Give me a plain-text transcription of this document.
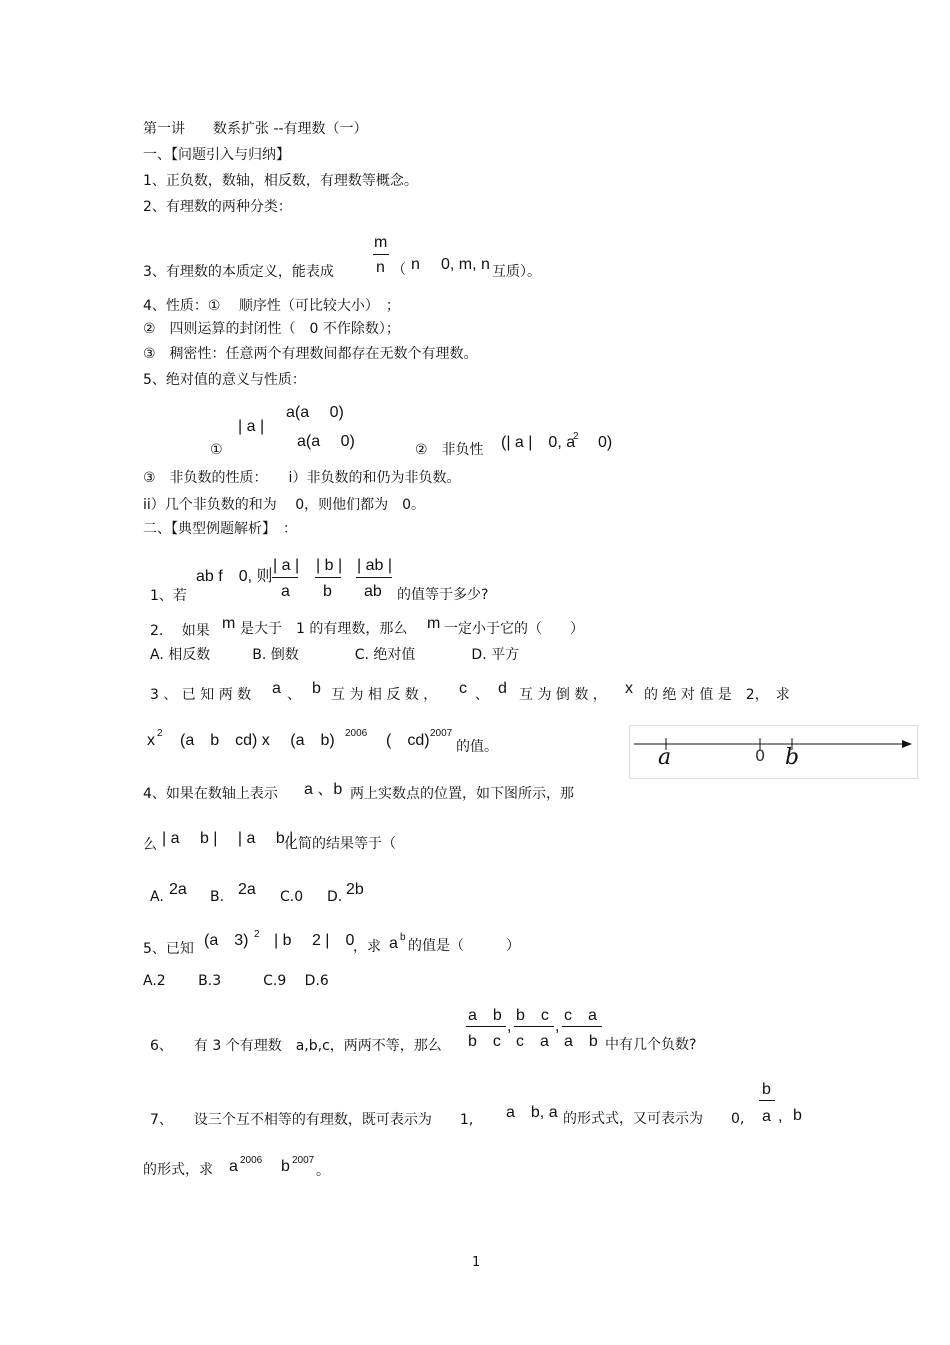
第一讲　　数系扩张 --有理数（一）
一、【问题引入与归纳】
1、正负数，数轴，相反数，有理数等概念。
2、有理数的两种分类：
3、有理数的本质定义，能表成
m
n （ n 0, m, n 互质）。
4、性质：①　 顺序性（可比较大小）　；
②　四则运算的封闭性（　0 不作除数）；
③　稠密性：任意两个有理数间都存在无数个有理数。
5、绝对值的意义与性质：
| a |
a(a　 0)
a(a　 0)
①	②　非负性 (| a |　0, a
2 0)
③　非负数的性质：　　i）非负数的和仍为非负数。
ii）几个非负数的和为　 0，则他们都为　0。
二、【典型例题解析】　：
1、若
ab f　0, 则
| a |
a
| b |
b
| ab |
ab 的值等于多少?
2.　 如果 m 是大于　1 的有理数，那么 m 一定小于它的（　　）
A. 相反数　　　B. 倒数　　　　C. 绝对值　　　　D. 平方
3 、 已 知 两 数 a 、 b 互 为 相 反 数 ， c 、 d 互 为 倒 数 ， x 的 绝 对 值 是　2，　求
x 2 (a　b　cd) x　 (a　b) 2006 (　cd) 2007
的值。	a	0 b
4、如果在数轴上表示 a 、b 两上实数点的位置，如下图所示，那
么 | a　 b |　 | a　 b |
化简的结果等于（
A. 2a B. 2a C.0 D. 2b
5、已知 (a　3) 2 | b　 2 |　0
，求 a b
的值是（　　　）
A.2　　 B.3　　　C.9　 D.6
6、　　有 3 个有理数　a,b,c，两两不等，那么
a　b
b　c
,
b　c
c　a
,
c　a
a　b 中有几个负数?
7、　　设三个互不相等的有理数，既可表示为　　1, a　b, a 的形式式，又可表示为　　0,
b
a , b
的形式，求 a 2006 b 2007
。
1
